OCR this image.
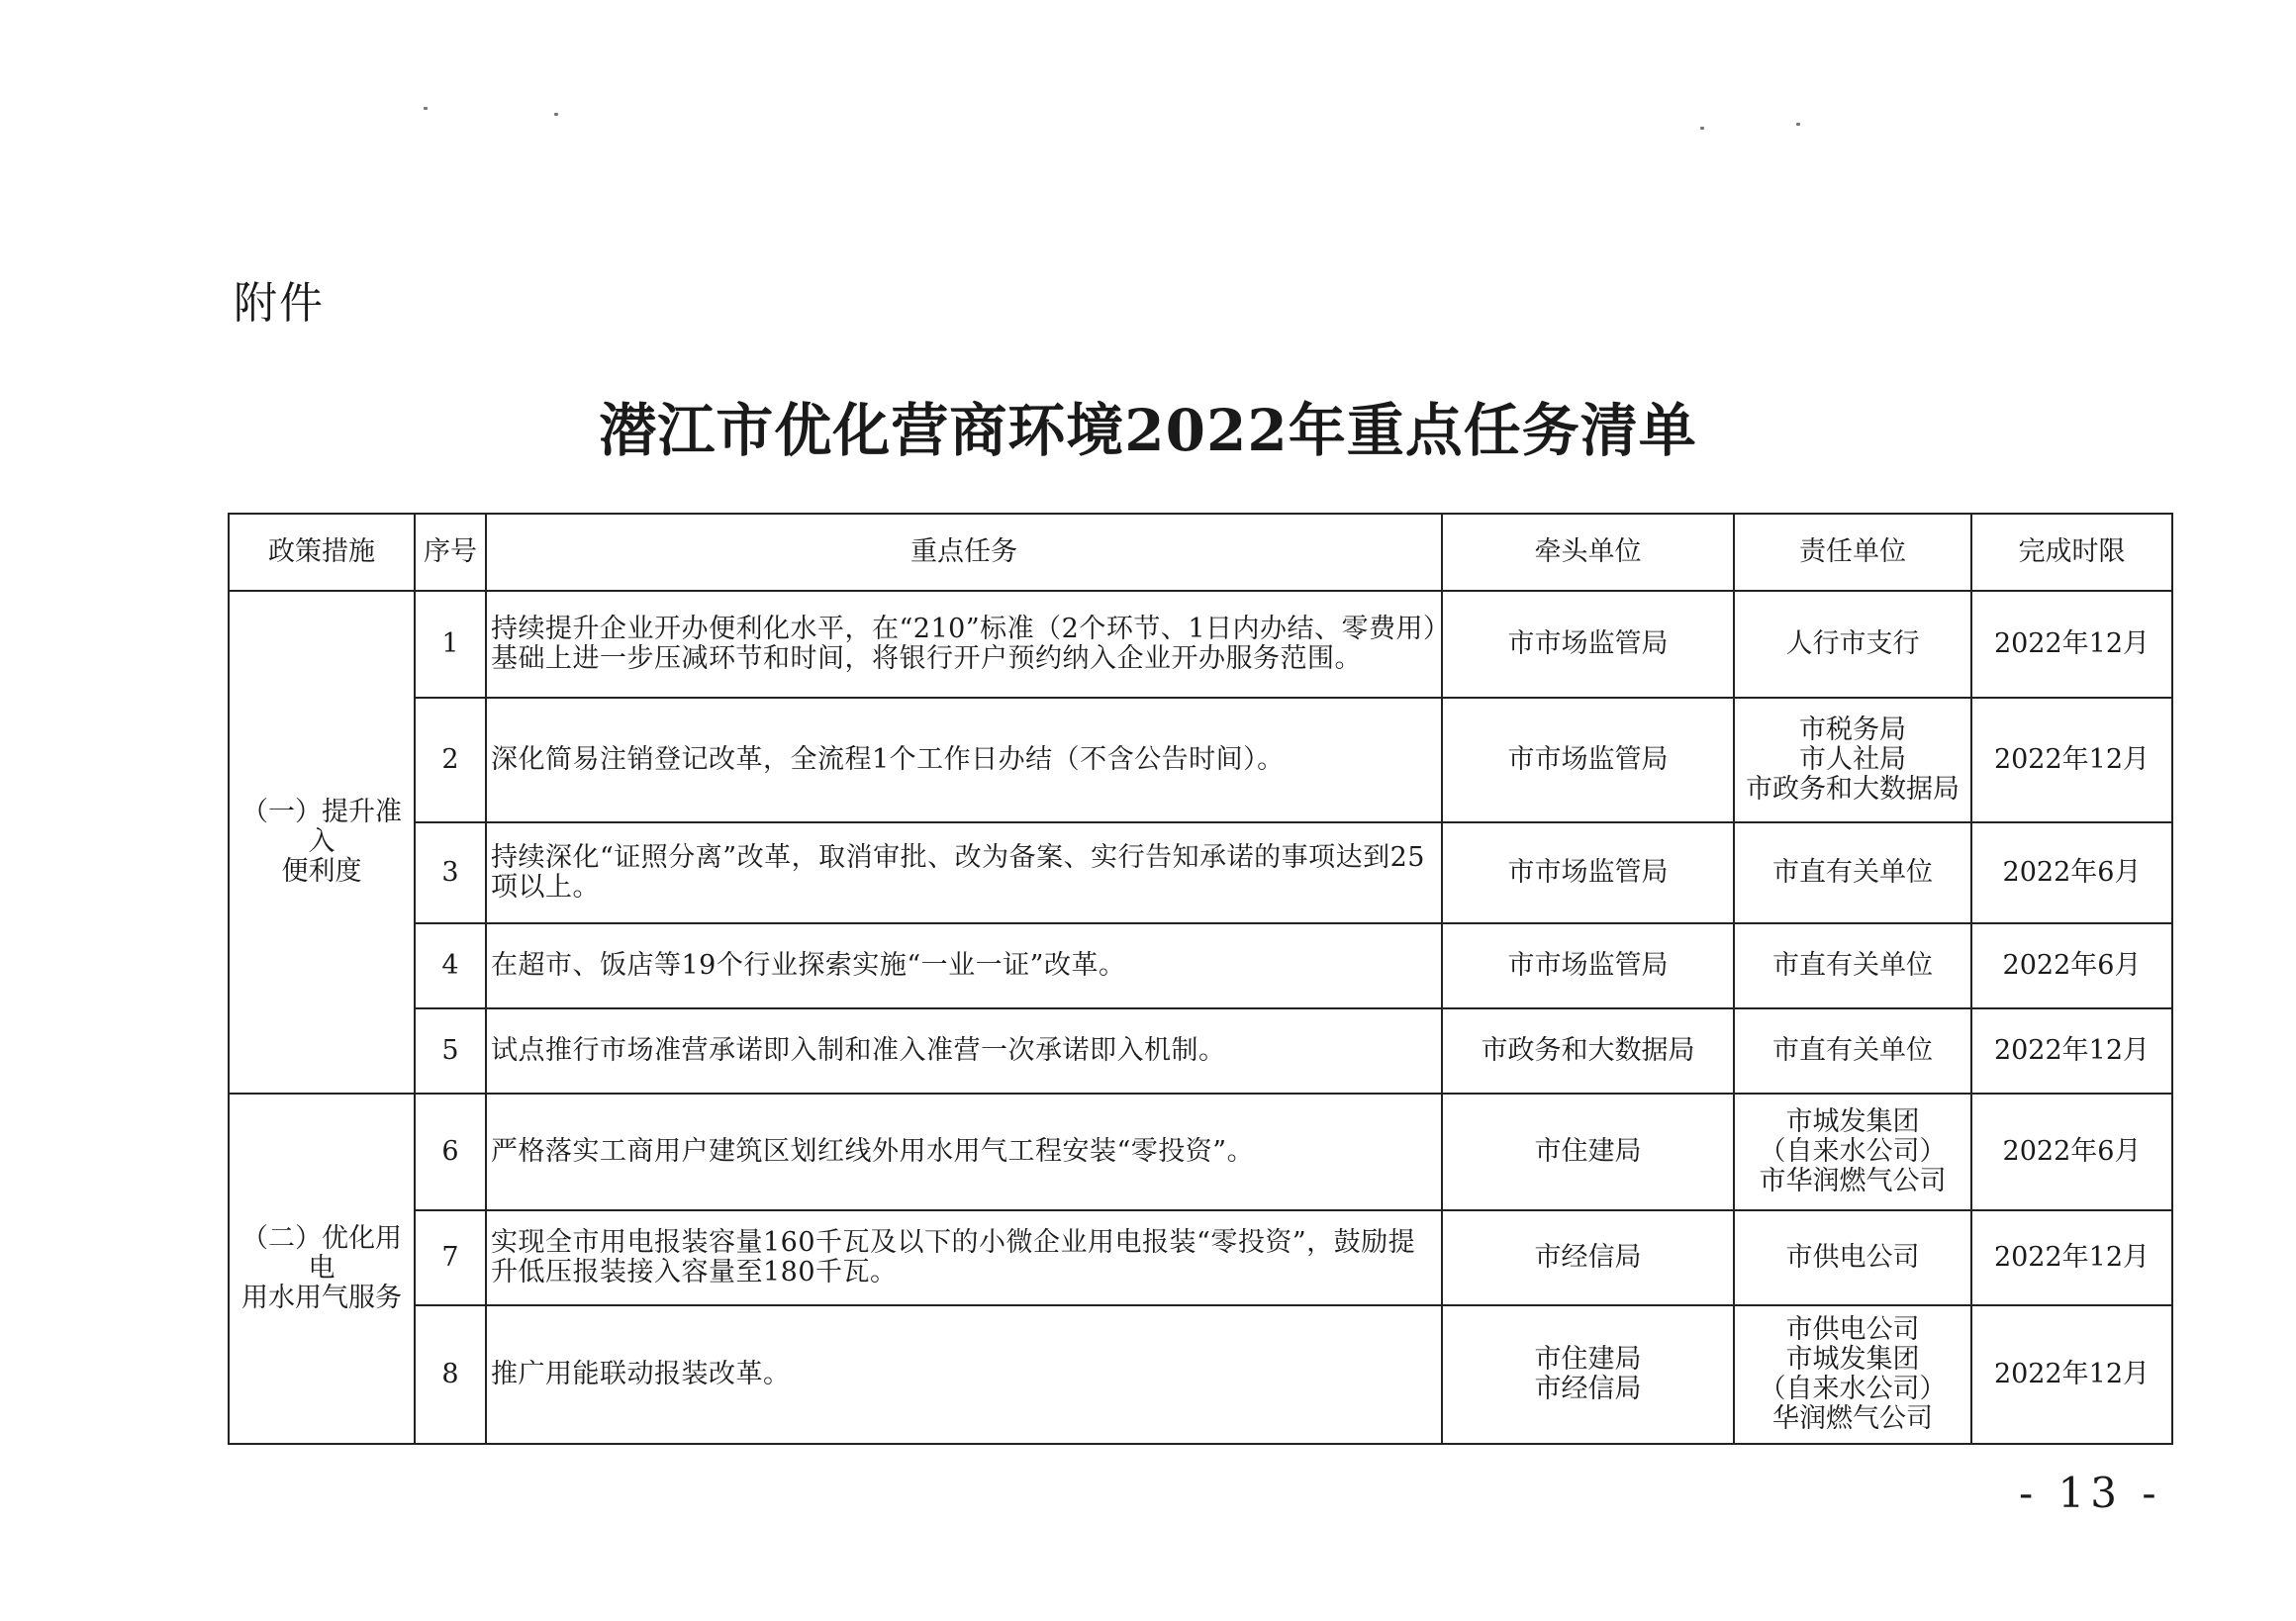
附件
潜江市优化营商环境2022年重点任务清单
政策措施	序号	重点任务	牵头单位	责任单位	完成时限

（一）提升准入
便利度	1	持续提升企业开办便利化水平，在“210”标准（2个环节、1日内办结、零费用）基础上进一步压减环节和时间，将银行开户预约纳入企业开办服务范围。	市市场监管局	人行市支行	2022年12月
	2	深化简易注销登记改革，全流程1个工作日办结（不含公告时间）。	市市场监管局	市税务局
市人社局
市政务和大数据局	2022年12月
	3	持续深化“证照分离”改革，取消审批、改为备案、实行告知承诺的事项达到25项以上。	市市场监管局	市直有关单位	2022年6月
	4	在超市、饭店等19个行业探索实施“一业一证”改革。	市市场监管局	市直有关单位	2022年6月
	5	试点推行市场准营承诺即入制和准入准营一次承诺即入机制。	市政务和大数据局	市直有关单位	2022年12月

（二）优化用电
用水用气服务	6	严格落实工商用户建筑区划红线外用水用气工程安装“零投资”。	市住建局	市城发集团
（自来水公司）
市华润燃气公司	2022年6月
	7	实现全市用电报装容量160千瓦及以下的小微企业用电报装“零投资”，鼓励提升低压报装接入容量至180千瓦。	市经信局	市供电公司	2022年12月
	8	推广用能联动报装改革。	市住建局
市经信局	市供电公司
市城发集团
（自来水公司）
华润燃气公司	2022年12月
- 13 -
